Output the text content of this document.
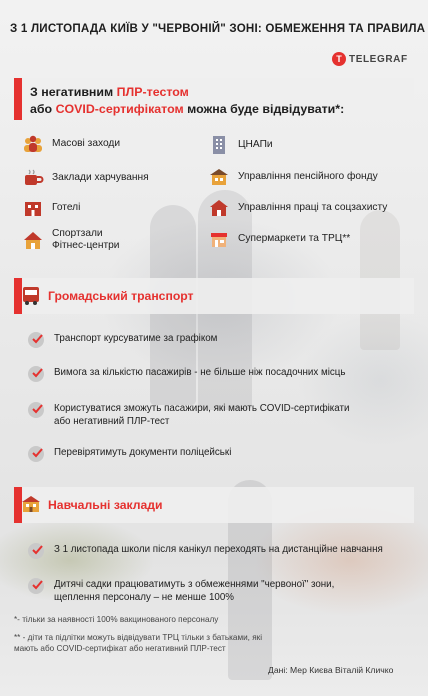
З 1 ЛИСТОПАДА КИЇВ У "ЧЕРВОНІЙ" ЗОНІ: ОБМЕЖЕННЯ ТА ПРАВИЛА
T TELEGRAF
З негативним ПЛР-тестом
або COVID-сертифікатом можна буде відвідувати*:
Масові заходи
Заклади харчування
Готелі
Спортзали
Фітнес-центри
ЦНАПи
Управління пенсійного фонду
Управління праці та соцзахисту
Супермаркети та ТРЦ**
Громадський транспорт
Транспорт курсуватиме за графіком
Вимога за кількістю пасажирів - не більше ніж посадочних місць
Користуватися зможуть пасажири, які мають COVID-сертифікати
або негативний ПЛР-тест
Перевірятимуть документи поліцейські
Навчальні заклади
З 1 листопада школи після канікул переходять на дистанційне навчання
Дитячі садки працюватимуть з обмеженнями "червоної" зони,
щеплення персоналу – не менше 100%
*- тільки за наявності 100% вакцинованого персоналу
** - діти та підлітки можуть відвідувати ТРЦ тільки з батьками, які
мають або COVID-сертифікат або негативний ПЛР-тест
Дані: Мер Києва Віталій Кличко
